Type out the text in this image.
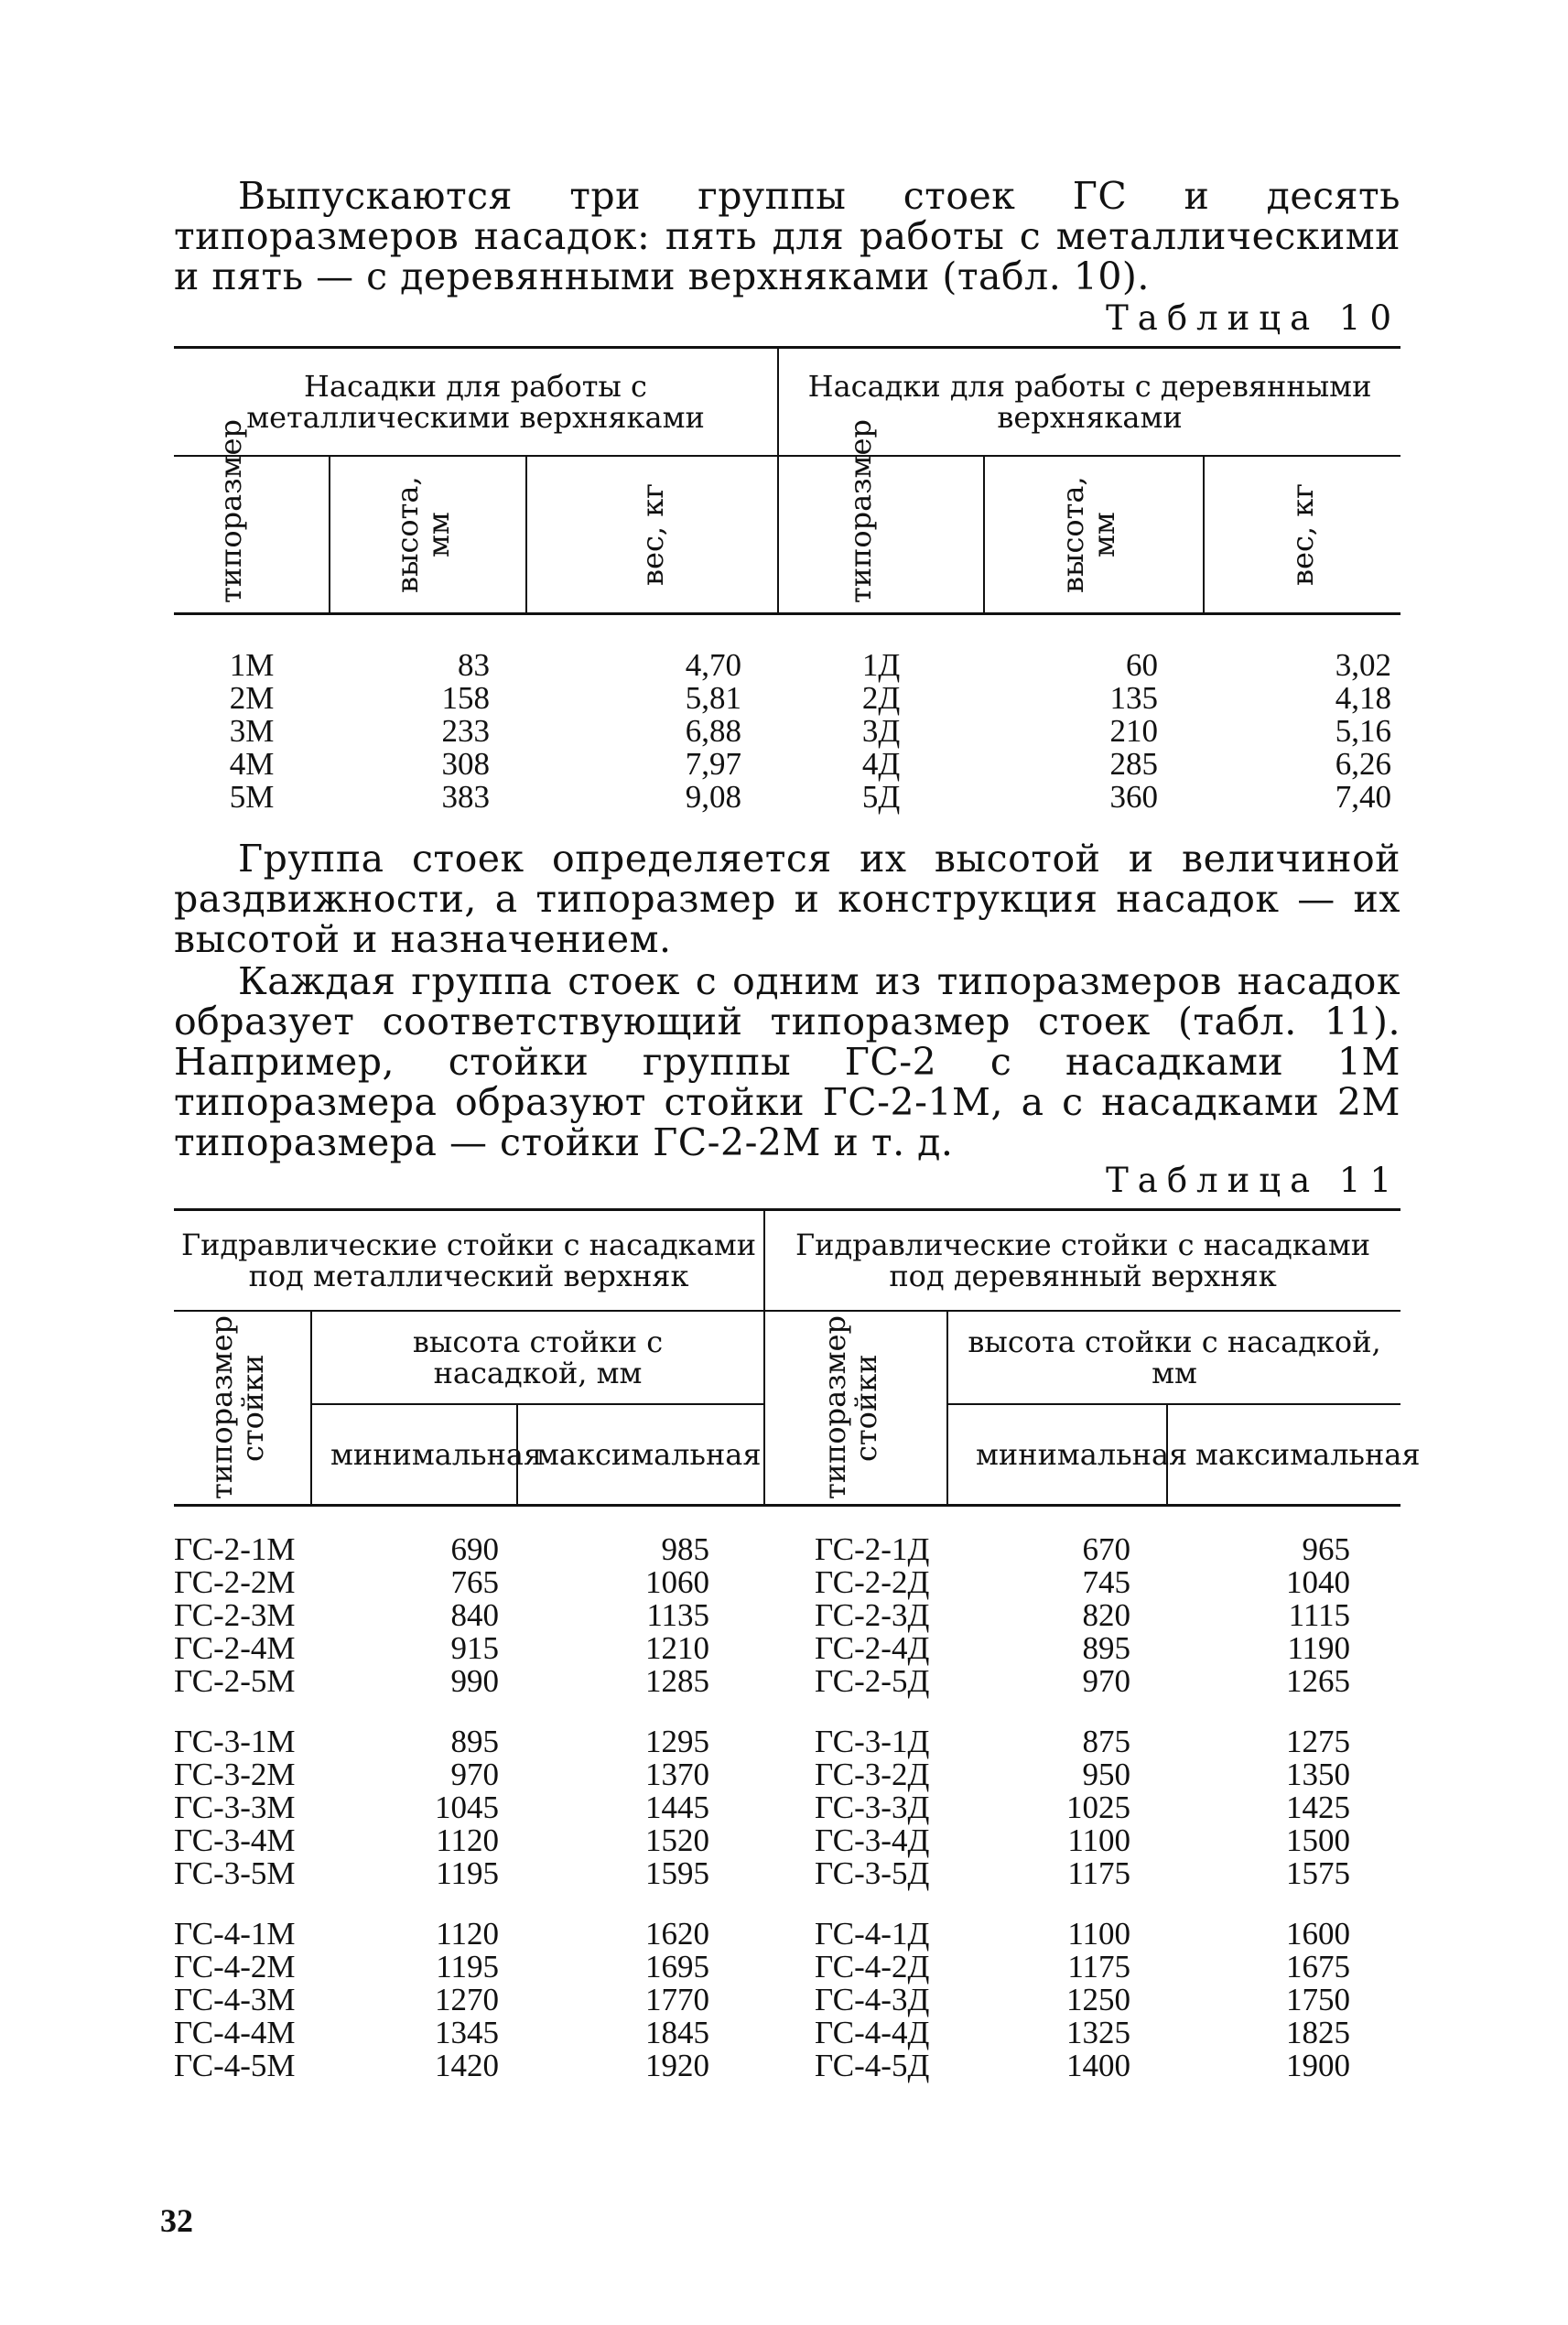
Выпускаются три группы стоек ГС и десять типоразмеров насадок: пять для работы с металлическими и пять — с деревянными верхняками (табл. 10).

Таблица 10

Насадки для работы с металлическими верхняками			Насадки для работы с деревянными верхняками		

типоразмер	высота, мм	вес, кг	типоразмер	высота, мм	вес, кг

1М	83	4,70	1Д	60	3,02
2М	158	5,81	2Д	135	4,18
3М	233	6,88	3Д	210	5,16
4М	308	7,97	4Д	285	6,26
5М	383	9,08	5Д	360	7,40

Группа стоек определяется их высотой и величиной раздвижности, а типоразмер и конструкция насадок — их высотой и назначением.

Каждая группа стоек с одним из типоразмеров насадок образует соответствующий типоразмер стоек (табл. 11). Например, стойки группы ГС-2 с насадками 1М типоразмера образуют стойки ГС-2-1М, а с насадками 2М типоразмера — стойки ГС-2-2М и т. д.

Таблица 11

Гидравлические стойки с насадками под металлический верхняк			Гидравлические стойки с насадками под деревянный верхняк		

типоразмер стойки	высота стойки с насадкой, мм		типоразмер стойки	высота стойки с насадкой, мм	
	минимальная	максимальная		минимальная	максимальная

ГС-2-1М	690	985	ГС-2-1Д	670	965
ГС-2-2М	765	1060	ГС-2-2Д	745	1040
ГС-2-3М	840	1135	ГС-2-3Д	820	1115
ГС-2-4М	915	1210	ГС-2-4Д	895	1190
ГС-2-5М	990	1285	ГС-2-5Д	970	1265

ГС-3-1М	895	1295	ГС-3-1Д	875	1275
ГС-3-2М	970	1370	ГС-3-2Д	950	1350
ГС-3-3М	1045	1445	ГС-3-3Д	1025	1425
ГС-3-4М	1120	1520	ГС-3-4Д	1100	1500
ГС-3-5М	1195	1595	ГС-3-5Д	1175	1575

ГС-4-1М	1120	1620	ГС-4-1Д	1100	1600
ГС-4-2М	1195	1695	ГС-4-2Д	1175	1675
ГС-4-3М	1270	1770	ГС-4-3Д	1250	1750
ГС-4-4М	1345	1845	ГС-4-4Д	1325	1825
ГС-4-5М	1420	1920	ГС-4-5Д	1400	1900
32
